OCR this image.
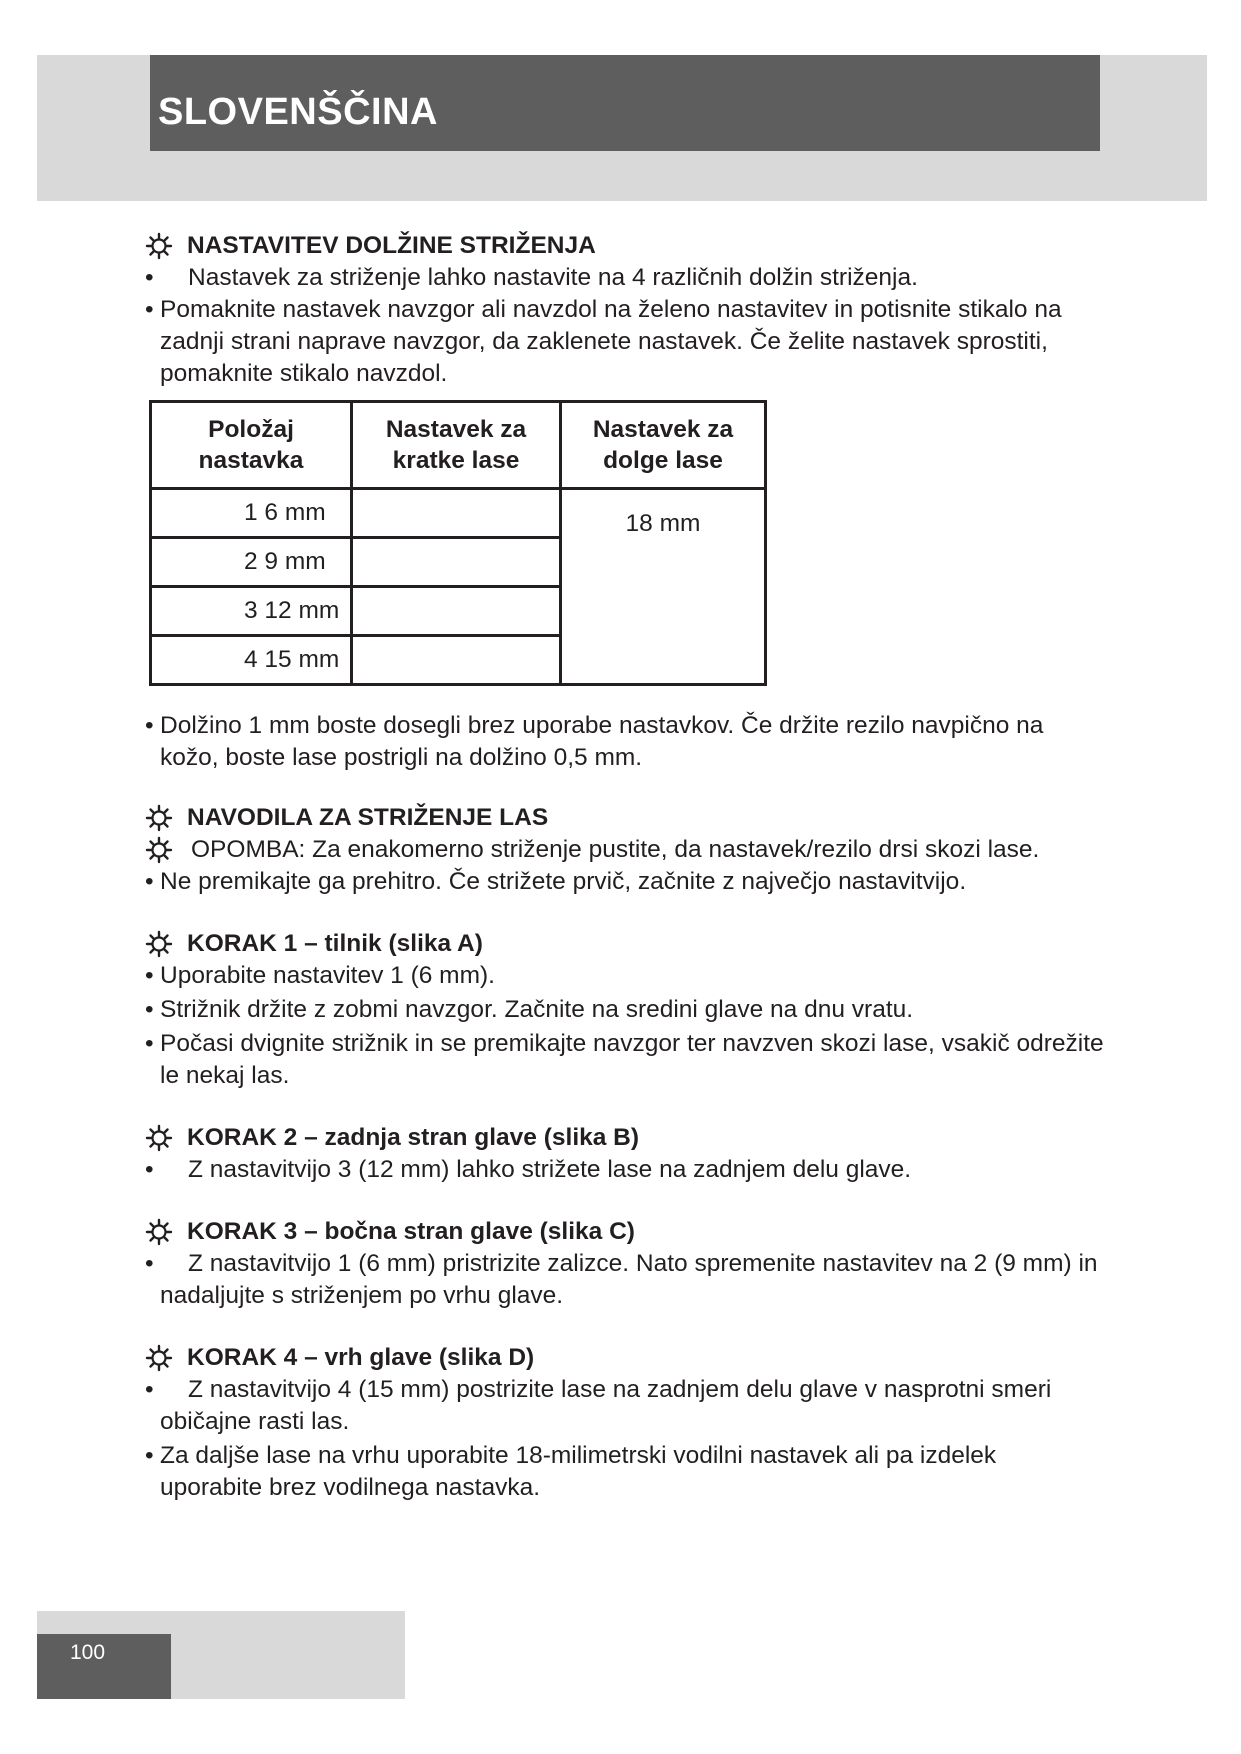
SLOVENŠČINA
NASTAVITEV DOLŽINE STRIŽENJA
•	Nastavek za striženje lahko nastavite na 4 različnih dolžin striženja.
• Pomaknite nastavek navzgor ali navzdol na želeno nastavitev in potisnite stikalo na zadnji strani naprave navzgor, da zaklenete nastavek. Če želite nastavek sprostiti, pomaknite stikalo navzdol.
Položaj nastavka	Nastavek za kratke lase	Nastavek za dolge lase
1 6 mm		18 mm
2 9 mm		
3 12 mm		
4 15 mm		
• Dolžino 1 mm boste dosegli brez uporabe nastavkov. Če držite rezilo navpično na kožo, boste lase postrigli na dolžino 0,5 mm.
NAVODILA ZA STRIŽENJE LAS
OPOMBA: Za enakomerno striženje pustite, da nastavek/rezilo drsi skozi lase.
• Ne premikajte ga prehitro. Če strižete prvič, začnite z največjo nastavitvijo.
KORAK 1 – tilnik (slika A)
• Uporabite nastavitev 1 (6 mm).
• Strižnik držite z zobmi navzgor. Začnite na sredini glave na dnu vratu.
• Počasi dvignite strižnik in se premikajte navzgor ter navzven skozi lase, vsakič odrežite le nekaj las.
KORAK 2 – zadnja stran glave (slika B)
•	Z nastavitvijo 3 (12 mm) lahko strižete lase na zadnjem delu glave.
KORAK 3 – bočna stran glave (slika C)
•	Z nastavitvijo 1 (6 mm) pristrizite zalizce. Nato spremenite nastavitev na 2 (9 mm) in nadaljujte s striženjem po vrhu glave.
KORAK 4 – vrh glave (slika D)
•	Z nastavitvijo 4 (15 mm) postrizite lase na zadnjem delu glave v nasprotni smeri običajne rasti las.
• Za daljše lase na vrhu uporabite 18-milimetrski vodilni nastavek ali pa izdelek uporabite brez vodilnega nastavka.
100
